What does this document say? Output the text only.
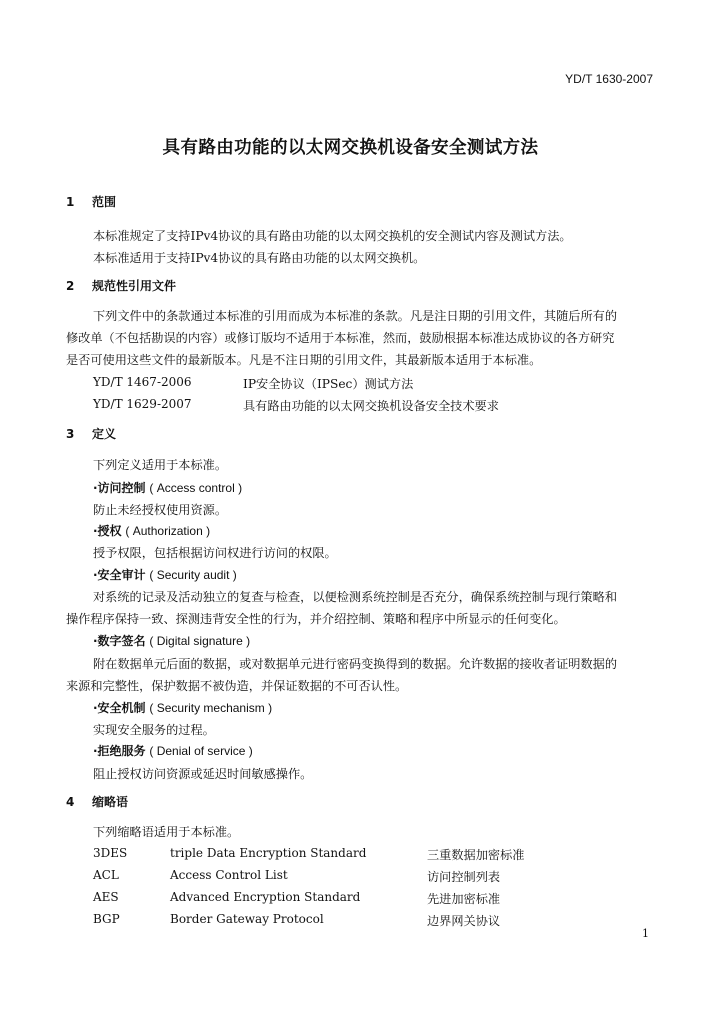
YD/T 1630-2007
具有路由功能的以太网交换机设备安全测试方法
1 范围
本标准规定了支持IPv4协议的具有路由功能的以太网交换机的安全测试内容及测试方法。
本标准适用于支持IPv4协议的具有路由功能的以太网交换机。
2 规范性引用文件
下列文件中的条款通过本标准的引用而成为本标准的条款。凡是注日期的引用文件，其随后所有的
修改单（不包括勘误的内容）或修订版均不适用于本标准，然而，鼓励根据本标准达成协议的各方研究
是否可使用这些文件的最新版本。凡是不注日期的引用文件，其最新版本适用于本标准。
YD/T 1467-2006	IP安全协议（IPSec）测试方法
YD/T 1629-2007	具有路由功能的以太网交换机设备安全技术要求
3 定义
下列定义适用于本标准。
·访问控制 ( Access control )
防止未经授权使用资源。
·授权 ( Authorization )
授予权限，包括根据访问权进行访问的权限。
·安全审计 ( Security audit )
对系统的记录及活动独立的复查与检查，以便检测系统控制是否充分，确保系统控制与现行策略和
操作程序保持一致、探测违背安全性的行为，并介绍控制、策略和程序中所显示的任何变化。
·数字签名 ( Digital signature )
附在数据单元后面的数据，或对数据单元进行密码变换得到的数据。允许数据的接收者证明数据的
来源和完整性，保护数据不被伪造，并保证数据的不可否认性。
·安全机制 ( Security mechanism )
实现安全服务的过程。
·拒绝服务 ( Denial of service )
阻止授权访问资源或延迟时间敏感操作。
4 缩略语
下列缩略语适用于本标准。
3DES	triple Data Encryption Standard	三重数据加密标准
ACL	Access Control List	访问控制列表
AES	Advanced Encryption Standard	先进加密标准
BGP	Border Gateway Protocol	边界网关协议
1
